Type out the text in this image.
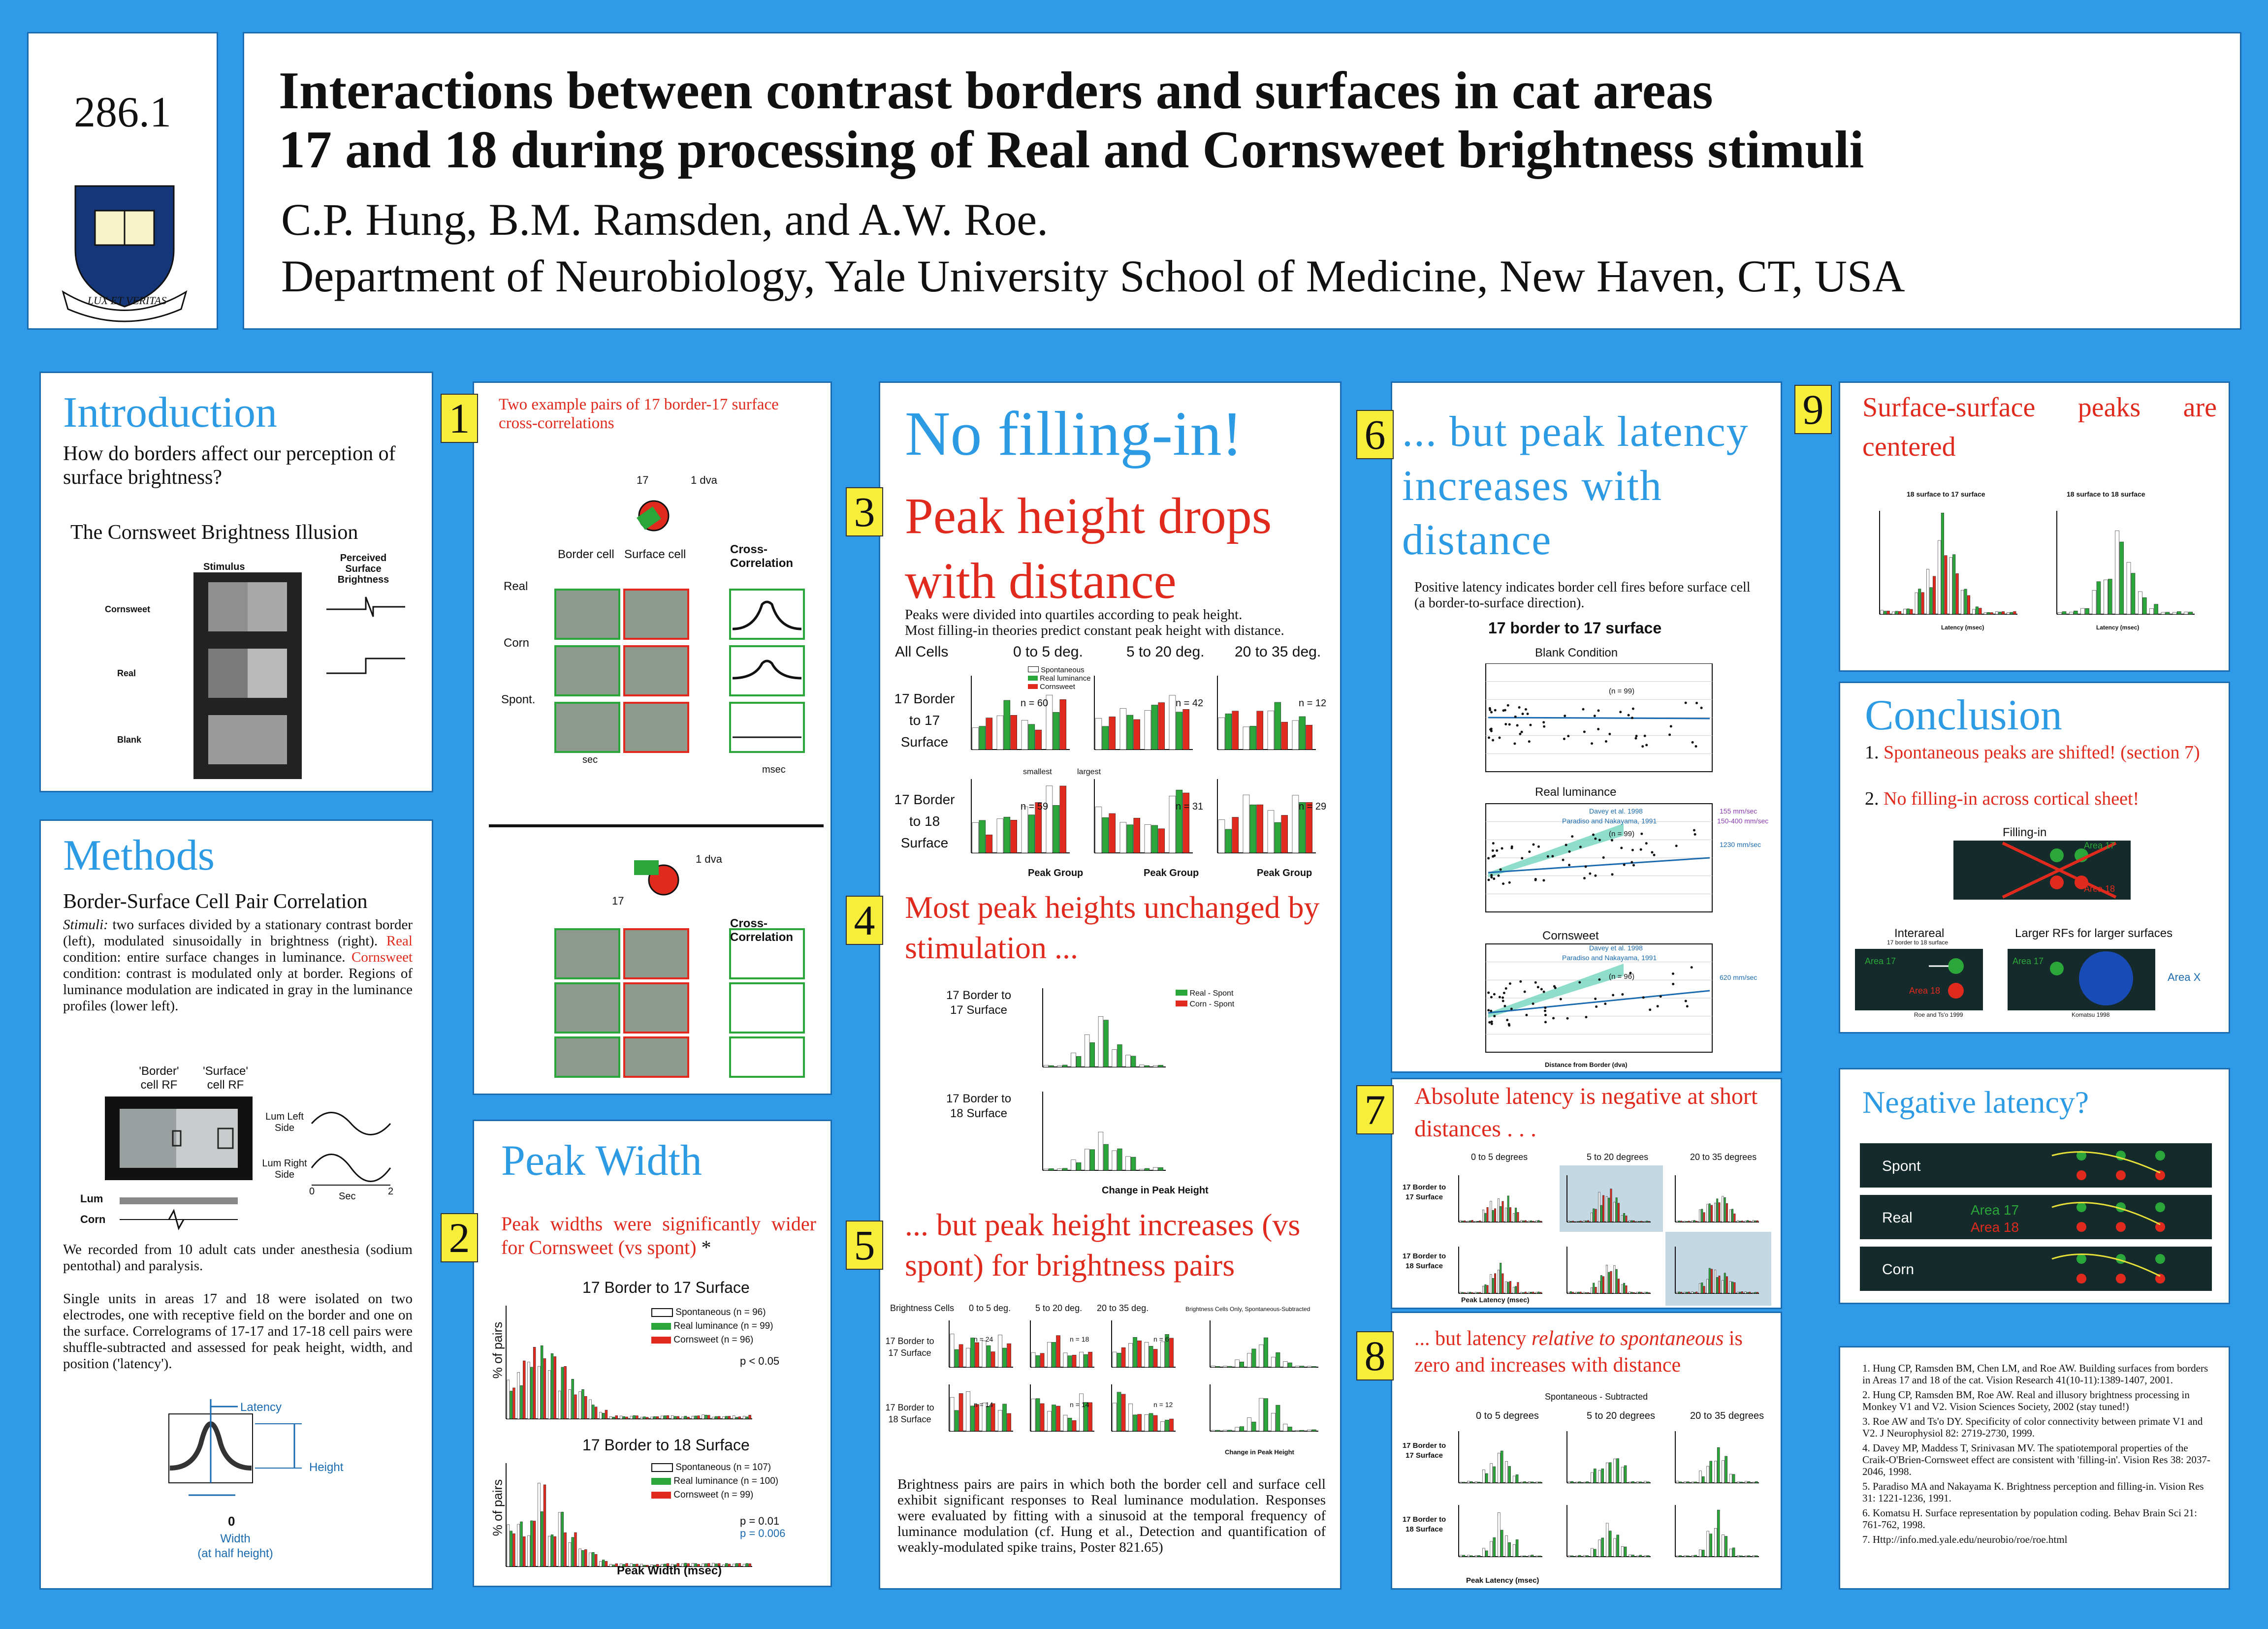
286.1
LUX ET VERITAS
Interactions between contrast borders and surfaces in cat areas
17 and 18 during processing of Real and Cornsweet brightness stimuli
C.P. Hung, B.M. Ramsden, and A.W. Roe.
Department of Neurobiology, Yale University School of Medicine, New Haven, CT, USA
Introduction
How do borders affect our perception of surface brightness?
The Cornsweet Brightness Illusion
Stimulus
Perceived Surface Brightness
Cornsweet
Real
Blank
Methods
Border-Surface Cell Pair Correlation
Stimuli: two surfaces divided by a stationary contrast border (left), modulated sinusoidally in brightness (right). Real condition: entire surface changes in luminance. Cornsweet condition: contrast is modulated only at border. Regions of luminance modulation are indicated in gray in the luminance profiles (lower left).
'Border' cell RF
'Surface' cell RF
Lum Left Side
Lum Right Side
Sec
0	2
Lum
Corn
We recorded from 10 adult cats under anesthesia (sodium pentothal) and paralysis.
Single units in areas 17 and 18 were isolated on two electrodes, one with receptive field on the border and one on the surface. Correlograms of 17-17 and 17-18 cell pairs were shuffle-subtracted and assessed for peak height, width, and position ('latency').
Latency
Height
0
Width
(at half height)
Two example pairs of 17 border-17 surface cross-correlations
17	1 dva
Border cell Surface cell	Cross-Correlation
Real
Corn
Spont.
sec
msec
1 dva
17
Cross-Correlation
1
Peak Width
Peak widths were significantly wider for Cornsweet (vs spont) *
17 Border to 17 Surface
17 Border to 18 Surface
% of pairs
% of pairs
Peak Width (msec)
Spontaneous (n = 96)
Real luminance (n = 99)
Cornsweet (n = 96)
p < 0.05
Spontaneous (n = 107)
Real luminance (n = 100)
Cornsweet (n = 99)
p = 0.01
p = 0.006
2
No filling-in!
Peak height drops with distance
Peaks were divided into quartiles according to peak height.
Most filling-in theories predict constant peak height with distance.
All Cells	0 to 5 deg.	5 to 20 deg. 20 to 35 deg.
17 Border to 17 Surface
17 Border to 18 Surface
Spontaneous
Real luminance
Cornsweet
n = 60	n = 42	n = 12
n = 59	n = 31	n = 29
smallest	largest
Peak Group	Peak Group	Peak Group
Most peak heights unchanged by stimulation ...
17 Border to 17 Surface
17 Border to 18 Surface
Real - Spont
Corn - Spont
Change in Peak Height
... but peak height increases (vs spont) for brightness pairs
Brightness Cells 0 to 5 deg.	5 to 20 deg. 20 to 35 deg.	Brightness Cells Only, Spontaneous-Subtracted
17 Border to 17 Surface
17 Border to 18 Surface
n = 24	n = 18	n = 6
n = 14	n = 14	n = 12
Change in Peak Height
Brightness pairs are pairs in which both the border cell and surface cell exhibit significant responses to Real luminance modulation. Responses were evaluated by fitting with a sinusoid at the temporal frequency of luminance modulation (cf. Hung et al., Detection and quantification of weakly-modulated spike trains, Poster 821.65)
3
4
5
... but peak latency increases with distance
Positive latency indicates border cell fires before surface cell (a border-to-surface direction).
17 border to 17 surface
Blank Condition
Real luminance
Cornsweet
(n = 99)
(n = 99)
(n = 96)
Davey et al. 1998
Paradiso and Nakayama, 1991
155 mm/sec
150-400 mm/sec
1230 mm/sec
Davey et al. 1998
Paradiso and Nakayama, 1991
620 mm/sec
Distance from Border (dva)
6
Absolute latency is negative at short distances . . .
0 to 5 degrees	5 to 20 degrees	20 to 35 degrees
17 Border to 17 Surface
17 Border to 18 Surface
Peak Latency (msec)
7
... but latency relative to spontaneous is zero and increases with distance
Spontaneous - Subtracted
0 to 5 degrees	5 to 20 degrees	20 to 35 degrees
17 Border to 17 Surface
17 Border to 18 Surface
Peak Latency (msec)
8
Surface-surface peaks are centered
18 surface to 17 surface	18 surface to 18 surface
Latency (msec)	Latency (msec)
9
Conclusion
1. Spontaneous peaks are shifted! (section 7)
2. No filling-in across cortical sheet!
Filling-in
Area 17
Area 18
Interareal
17 border to 18 surface
Larger RFs for larger surfaces
Area 17
Area 18
Area 17
Area X
Roe and Ts'o 1999	Komatsu 1998
Negative latency?
Spont
Real
Corn
Area 17
Area 18
1. Hung CP, Ramsden BM, Chen LM, and Roe AW. Building surfaces from borders in Areas 17 and 18 of the cat. Vision Research 41(10-11):1389-1407, 2001.
2. Hung CP, Ramsden BM, Roe AW. Real and illusory brightness processing in Monkey V1 and V2. Vision Sciences Society, 2002 (stay tuned!)
3. Roe AW and Ts'o DY. Specificity of color connectivity between primate V1 and V2. J Neurophysiol 82: 2719-2730, 1999.
4. Davey MP, Maddess T, Srinivasan MV. The spatiotemporal properties of the Craik-O'Brien-Cornsweet effect are consistent with 'filling-in'. Vision Res 38: 2037-2046, 1998.
5. Paradiso MA and Nakayama K. Brightness perception and filling-in. Vision Res 31: 1221-1236, 1991.
6. Komatsu H. Surface representation by population coding. Behav Brain Sci 21: 761-762, 1998.
7. Http://info.med.yale.edu/neurobio/roe/roe.html
